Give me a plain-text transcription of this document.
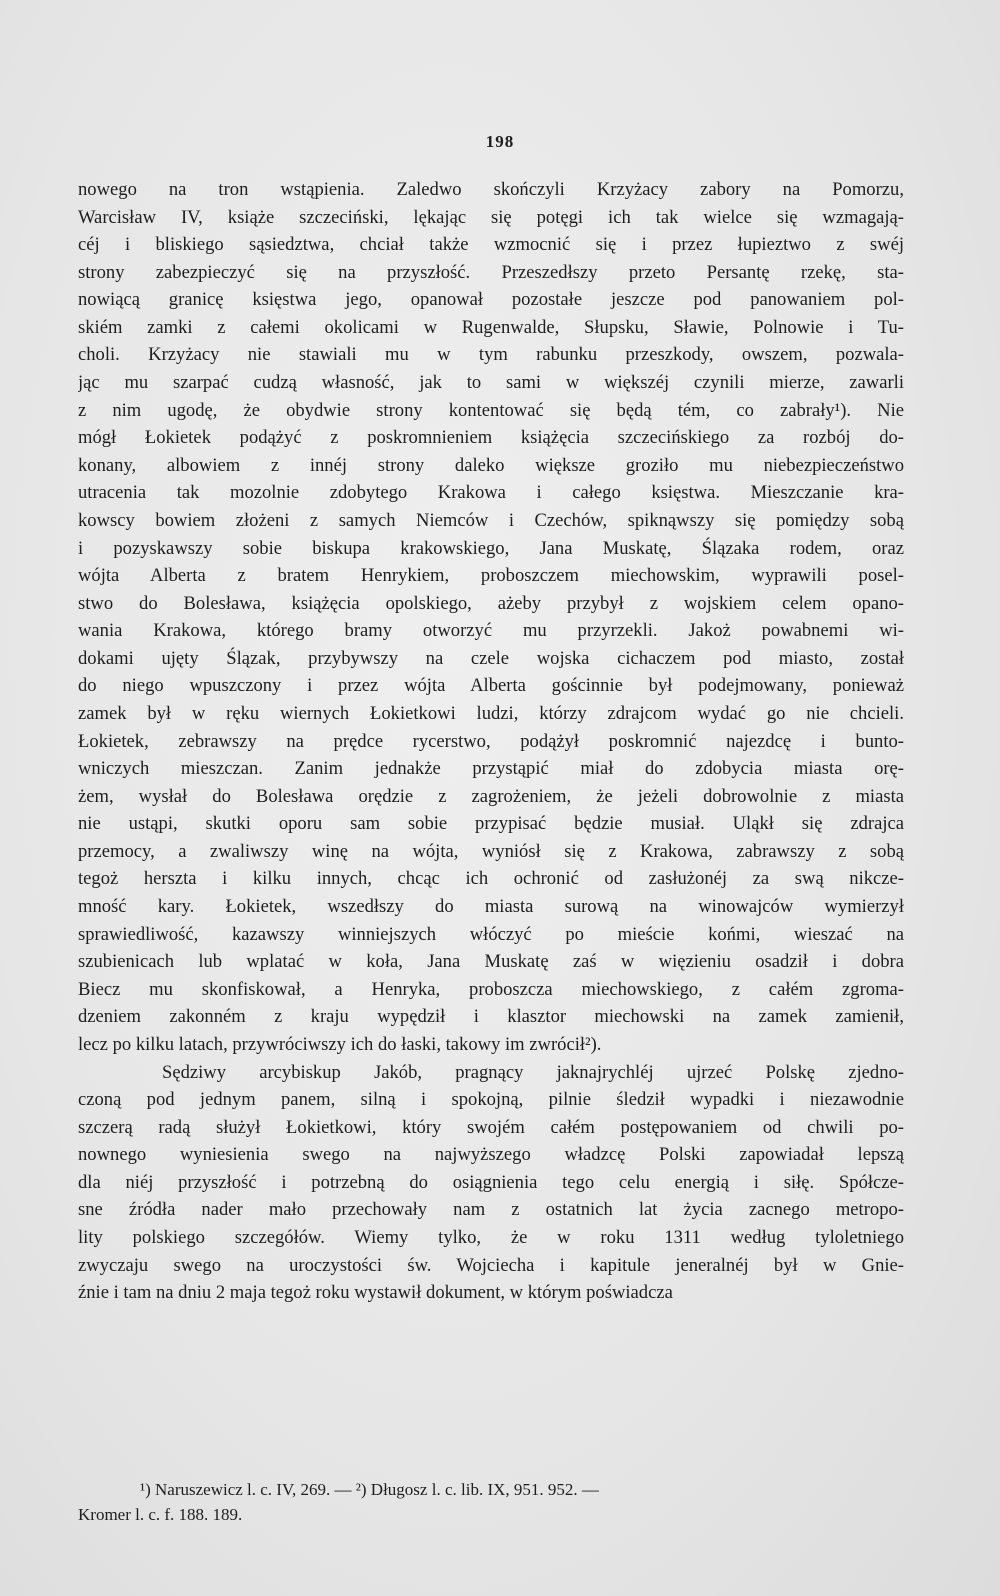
198
nowego na tron wstąpienia. Zaledwo skończyli Krzyżacy zabory na Pomorzu,
Warcisław IV, książe szczeciński, lękając się potęgi ich tak wielce się wzmagają-
céj i bliskiego sąsiedztwa, chciał także wzmocnić się i przez łupieztwo z swéj
strony zabezpieczyć się na przyszłość. Przeszedłszy przeto Persantę rzekę, sta-
nowiącą granicę księstwa jego, opanował pozostałe jeszcze pod panowaniem pol-
skiém zamki z całemi okolicami w Rugenwalde, Słupsku, Sławie, Polnowie i Tu-
choli. Krzyżacy nie stawiali mu w tym rabunku przeszkody, owszem, pozwala-
jąc mu szarpać cudzą własność, jak to sami w większéj czynili mierze, zawarli
z nim ugodę, że obydwie strony kontentować się będą tém, co zabrały¹). Nie
mógł Łokietek podążyć z poskromnieniem książęcia szczecińskiego za rozbój do-
konany, albowiem z innéj strony daleko większe groziło mu niebezpieczeństwo
utracenia tak mozolnie zdobytego Krakowa i całego księstwa. Mieszczanie kra-
kowscy bowiem złożeni z samych Niemców i Czechów, spiknąwszy się pomiędzy sobą
i pozyskawszy sobie biskupa krakowskiego, Jana Muskatę, Ślązaka rodem, oraz
wójta Alberta z bratem Henrykiem, proboszczem miechowskim, wyprawili posel-
stwo do Bolesława, książęcia opolskiego, ażeby przybył z wojskiem celem opano-
wania Krakowa, którego bramy otworzyć mu przyrzekli. Jakoż powabnemi wi-
dokami ujęty Ślązak, przybywszy na czele wojska cichaczem pod miasto, został
do niego wpuszczony i przez wójta Alberta gościnnie był podejmowany, ponieważ
zamek był w ręku wiernych Łokietkowi ludzi, którzy zdrajcom wydać go nie chcieli.
Łokietek, zebrawszy na prędce rycerstwo, podążył poskromnić najezdcę i bunto-
wniczych mieszczan. Zanim jednakże przystąpić miał do zdobycia miasta orę-
żem, wysłał do Bolesława orędzie z zagrożeniem, że jeżeli dobrowolnie z miasta
nie ustąpi, skutki oporu sam sobie przypisać będzie musiał. Uląkł się zdrajca
przemocy, a zwaliwszy winę na wójta, wyniósł się z Krakowa, zabrawszy z sobą
tegoż herszta i kilku innych, chcąc ich ochronić od zasłużonéj za swą nikcze-
mność kary. Łokietek, wszedłszy do miasta surową na winowajców wymierzył
sprawiedliwość, kazawszy winniejszych włóczyć po mieście końmi, wieszać na
szubienicach lub wplatać w koła, Jana Muskatę zaś w więzieniu osadził i dobra
Biecz mu skonfiskował, a Henryka, proboszcza miechowskiego, z całém zgroma-
dzeniem zakonném z kraju wypędził i klasztor miechowski na zamek zamienił,
lecz po kilku latach, przywróciwszy ich do łaski, takowy im zwrócił²).
Sędziwy arcybiskup Jakób, pragnący jaknajrychléj ujrzeć Polskę zjedno-
czoną pod jednym panem, silną i spokojną, pilnie śledził wypadki i niezawodnie
szczerą radą służył Łokietkowi, który swojém całém postępowaniem od chwili po-
nownego wyniesienia swego na najwyższego władzcę Polski zapowiadał lepszą
dla niéj przyszłość i potrzebną do osiągnienia tego celu energią i siłę. Spółcze-
sne źródła nader mało przechowały nam z ostatnich lat życia zacnego metropo-
lity polskiego szczegółów. Wiemy tylko, że w roku 1311 według tyloletniego
zwyczaju swego na uroczystości św. Wojciecha i kapitule jeneralnéj był w Gnie-
źnie i tam na dniu 2 maja tegoż roku wystawił dokument, w którym poświadcza
¹) Naruszewicz l. c. IV, 269. — ²) Długosz l. c. lib. IX, 951. 952. —
Kromer l. c. f. 188. 189.
